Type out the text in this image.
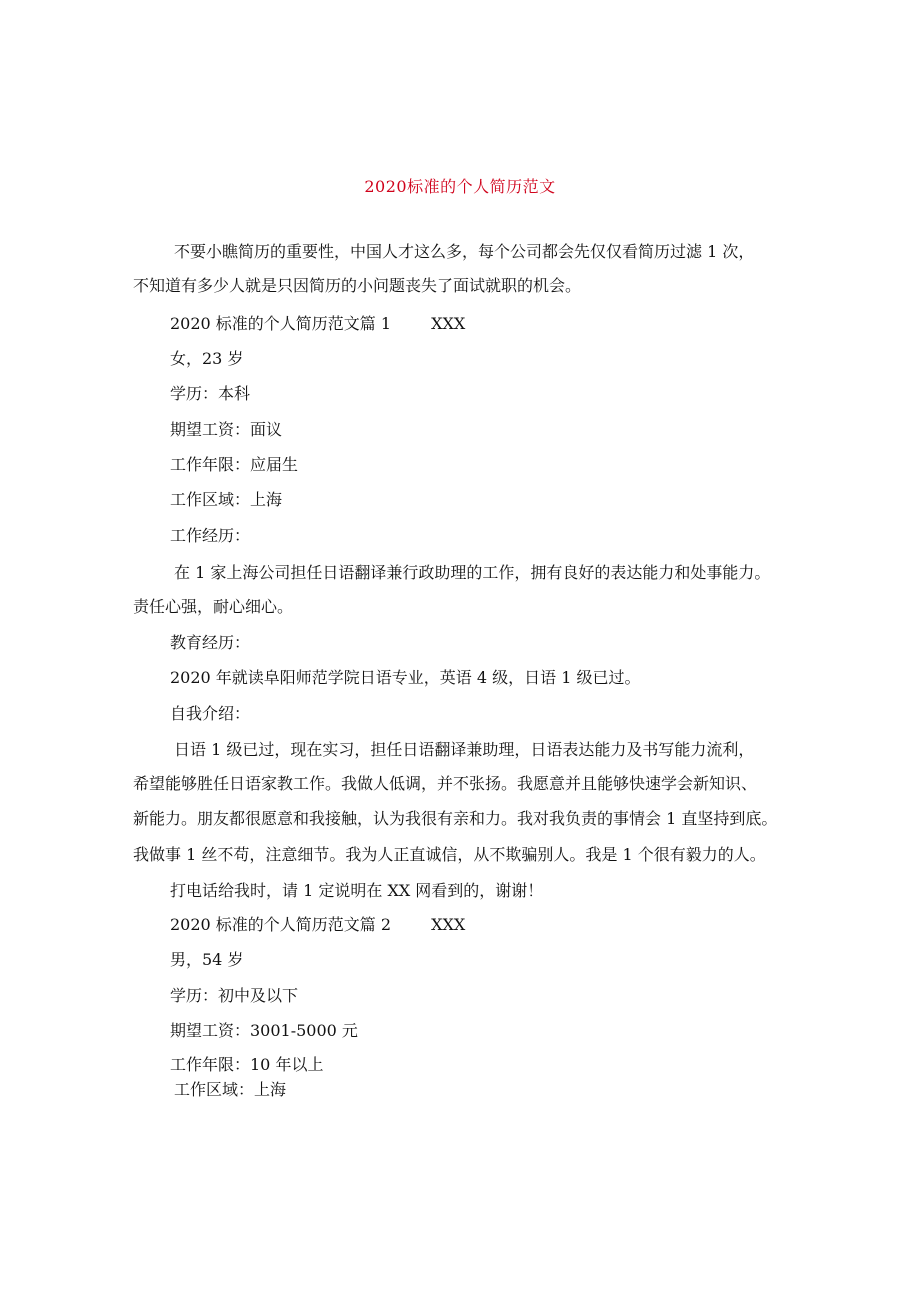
2020标准的个人简历范文
不要小瞧简历的重要性，中国人才这么多，每个公司都会先仅仅看简历过滤 1 次，
不知道有多少人就是只因简历的小问题丧失了面试就职的机会。
2020 标准的个人简历范文篇 1	XXX
女，23 岁
学历：本科
期望工资：面议
工作年限：应届生
工作区域：上海
工作经历：
在 1 家上海公司担任日语翻译兼行政助理的工作，拥有良好的表达能力和处事能力。
责任心强，耐心细心。
教育经历：
2020 年就读阜阳师范学院日语专业，英语 4 级，日语 1 级已过。
自我介绍：
日语 1 级已过，现在实习，担任日语翻译兼助理，日语表达能力及书写能力流利，
希望能够胜任日语家教工作。我做人低调，并不张扬。我愿意并且能够快速学会新知识、
新能力。朋友都很愿意和我接触，认为我很有亲和力。我对我负责的事情会 1 直坚持到底。
我做事 1 丝不苟，注意细节。我为人正直诚信，从不欺骗别人。我是 1 个很有毅力的人。
打电话给我时，请 1 定说明在 XX 网看到的，谢谢！
2020 标准的个人简历范文篇 2	XXX
男，54 岁
学历：初中及以下
期望工资：3001-5000 元
工作年限：10 年以上
工作区域：上海
